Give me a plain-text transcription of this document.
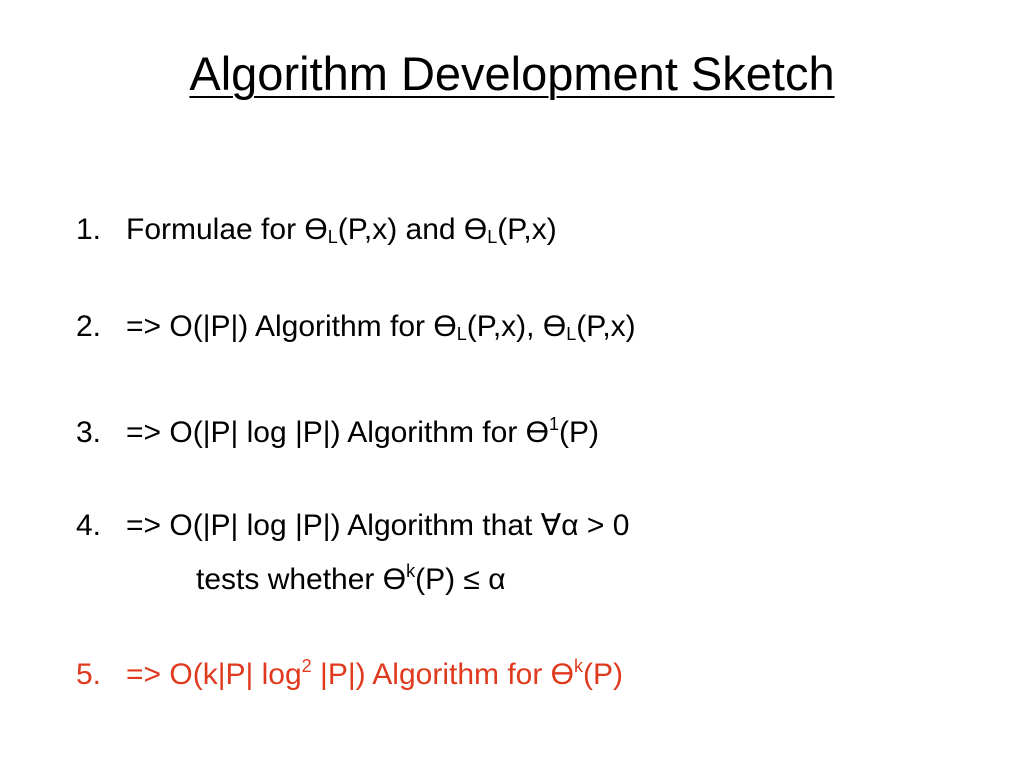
Algorithm Development Sketch
1. Formulae for ϴL(P,x) and ϴL(P,x)
2. => O(|P|) Algorithm for ϴL(P,x), ϴL(P,x)
3. => O(|P| log |P|) Algorithm for $ϴ^1(P)$
4. => O(|P| log |P|) Algorithm that ∀α > 0
tests whether $ϴ^k(P) \le \alpha$
5. => O(k|P| $\log^2 |P|$) Algorithm for $ϴ^k(P)$
